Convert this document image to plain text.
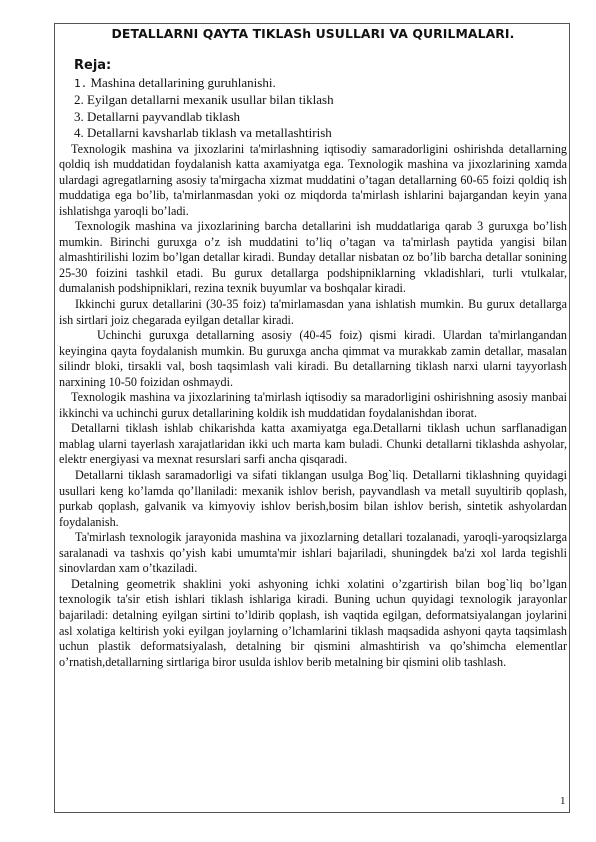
DETALLARNI QAYTA TIKLASh USULLARI VA QURILMALARI.
Reja:
1. Mashina detallarining guruhlanishi.
2. Eyilgan detallarni mexanik usullar bilan tiklash
3. Detallarni payvandlab tiklash
4. Detallarni kavsharlab tiklash va metallashtirish

Texnologik mashina va jixozlarini ta'mirlashning iqtisodiy samaradorligini oshirishda detallarning qoldiq ish muddatidan foydalanish katta axamiyatga ega. Texnologik mashina va jixozlarining xamda ulardagi agregatlarning asosiy ta'mirgacha xizmat muddatini o’tagan detallarning 60-65 foizi qoldiq ish muddatiga ega bo’lib, ta'mirlanmasdan yoki oz miqdorda ta'mirlash ishlarini bajargandan keyin yana ishlatishga yaroqli bo’ladi.

Texnologik mashina va jixozlarining barcha detallarini ish muddatlariga qarab 3 guruxga bo’lish mumkin. Birinchi guruxga o’z ish muddatini to’liq o’tagan va ta'mirlash paytida yangisi bilan almashtirilishi lozim bo’lgan detallar kiradi. Bunday detallar nisbatan oz bo’lib barcha detallar sonining 25-30 foizini tashkil etadi. Bu gurux detallarga podshipniklarning vkladishlari, turli vtulkalar, dumalanish podshipniklari, rezina texnik buyumlar va boshqalar kiradi.

Ikkinchi gurux detallarini (30-35 foiz) ta'mirlamasdan yana ishlatish mumkin. Bu gurux detallarga ish sirtlari joiz chegarada eyilgan detallar kiradi.

Uchinchi guruxga detallarning asosiy (40-45 foiz) qismi kiradi. Ulardan ta'mirlangandan keyingina qayta foydalanish mumkin. Bu guruxga ancha qimmat va murakkab zamin detallar, masalan silindr bloki, tirsakli val, bosh taqsimlash vali kiradi. Bu detallarning tiklash narxi ularni tayyorlash narxining 10-50 foizidan oshmaydi.

Texnologik mashina va jixozlarining ta'mirlash iqtisodiy sa maradorligini oshirishning asosiy manbai ikkinchi va uchinchi gurux detallarining koldik ish muddatidan foydalanishdan iborat.

Detallarni tiklash ishlab chikarishda katta axamiyatga ega.Detallarni tiklash uchun sarflanadigan mablag ularni tayerlash xarajatlaridan ikki uch marta kam buladi. Chunki detallarni tiklashda ashyolar, elektr energiyasi va mexnat resurslari sarfi ancha qisqaradi.

Detallarni tiklash saramadorligi va sifati tiklangan usulga Bog`liq. Detallarni tiklashning quyidagi usullari keng ko’lamda qo’llaniladi: mexanik ishlov berish, payvandlash va metall suyultirib qoplash, purkab qoplash, galvanik va kimyoviy ishlov berish,bosim bilan ishlov berish, sintetik ashyolardan foydalanish.

Ta'mirlash texnologik jarayonida mashina va jixozlarning detallari tozalanadi, yaroqli-yaroqsizlarga saralanadi va tashxis qo’yish kabi umumta'mir ishlari bajariladi, shuningdek ba'zi xol larda tegishli sinovlardan xam o’tkaziladi.

Detalning geometrik shaklini yoki ashyoning ichki xolatini o’zgartirish bilan bog`liq bo’lgan texnologik ta'sir etish ishlari tiklash ishlariga kiradi. Buning uchun quyidagi texnologik jarayonlar bajariladi: detalning eyilgan sirtini to’ldirib qoplash, ish vaqtida egilgan, deformatsiyalangan joylarini asl xolatiga keltirish yoki eyilgan joylarning o’lchamlarini tiklash maqsadida ashyoni qayta taqsimlash uchun plastik deformatsiyalash, detalning bir qismini almashtirish va qo’shimcha elementlar o’rnatish,detallarning sirtlariga biror usulda ishlov berib metalning bir qismini olib tashlash.

1
